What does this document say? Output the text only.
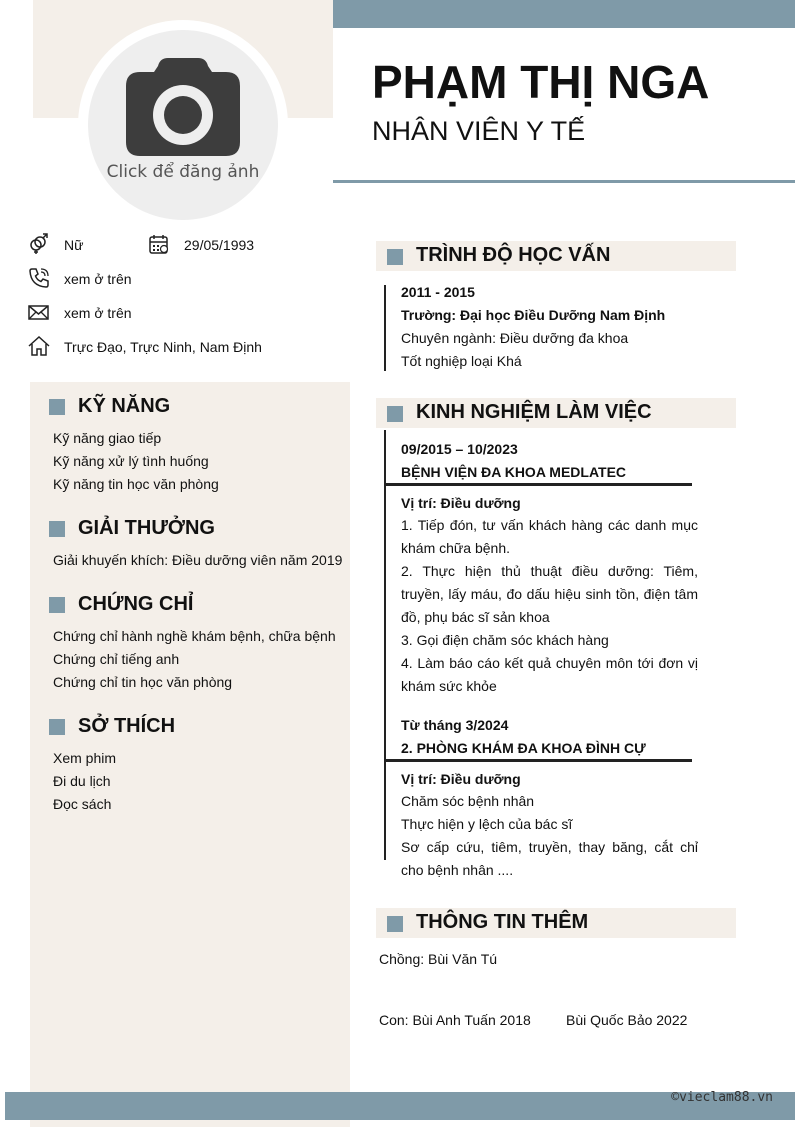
Click để đăng ảnh
PHẠM THỊ NGA
NHÂN VIÊN Y TẾ
Nữ	29/05/1993
xem ở trên
xem ở trên
Trực Đạo, Trực Ninh, Nam Định
KỸ NĂNG
Kỹ năng giao tiếp
Kỹ năng xử lý tình huống
Kỹ năng tin học văn phòng
GIẢI THƯỞNG
Giải khuyến khích: Điều dưỡng viên năm 2019
CHỨNG CHỈ
Chứng chỉ hành nghề khám bệnh, chữa bệnh
Chứng chỉ tiếng anh
Chứng chỉ tin học văn phòng
SỞ THÍCH
Xem phim
Đi du lịch
Đọc sách
TRÌNH ĐỘ HỌC VẤN
2011 - 2015
Trường: Đại học Điều Dưỡng Nam Định
Chuyên ngành: Điều dưỡng đa khoa
Tốt nghiệp loại Khá
KINH NGHIỆM LÀM VIỆC
09/2015 – 10/2023
BỆNH VIỆN ĐA KHOA MEDLATEC
Vị trí: Điều dưỡng
1. Tiếp đón, tư vấn khách hàng các danh mục khám chữa bệnh.
2. Thực hiện thủ thuật điều dưỡng: Tiêm, truyền, lấy máu, đo dấu hiệu sinh tồn, điện tâm đồ, phụ bác sĩ sản khoa
3. Gọi điện chăm sóc khách hàng
4. Làm báo cáo kết quả chuyên môn tới đơn vị khám sức khỏe
Từ tháng 3/2024
2. PHÒNG KHÁM ĐA KHOA ĐÌNH CỰ
Vị trí: Điều dưỡng
Chăm sóc bệnh nhân
Thực hiện y lệch của bác sĩ
Sơ cấp cứu, tiêm, truyền, thay băng, cắt chỉ cho bệnh nhân ....
THÔNG TIN THÊM
Chồng: Bùi Văn Tú
Con: Bùi Anh Tuấn 2018	Bùi Quốc Bảo 2022
©vieclam88.vn
